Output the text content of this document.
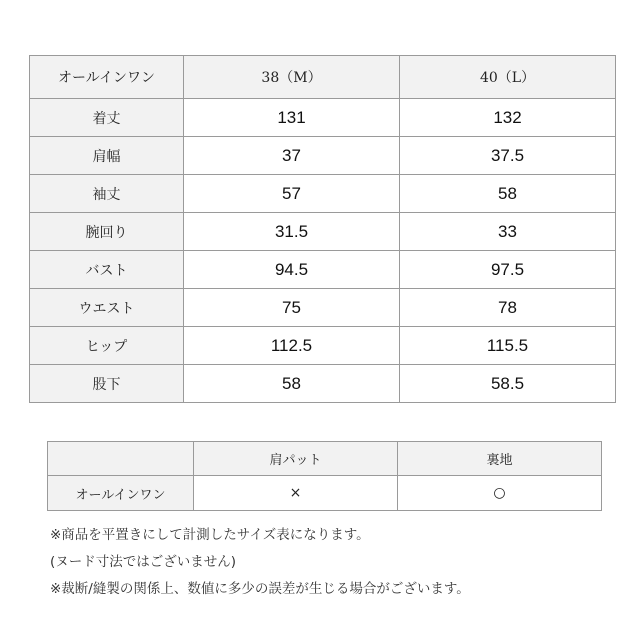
オールインワン	38（M）	40（L）
着丈	131	132
肩幅	37	37.5
袖丈	57	58
腕回り	31.5	33
バスト	94.5	97.5
ウエスト	75	78
ヒップ	112.5	115.5
股下	58	58.5
	肩パット	裏地
オールインワン	×	○

※商品を平置きにして計測したサイズ表になります。

(ヌード寸法ではございません)

※裁断/縫製の関係上、数値に多少の誤差が生じる場合がございます。
